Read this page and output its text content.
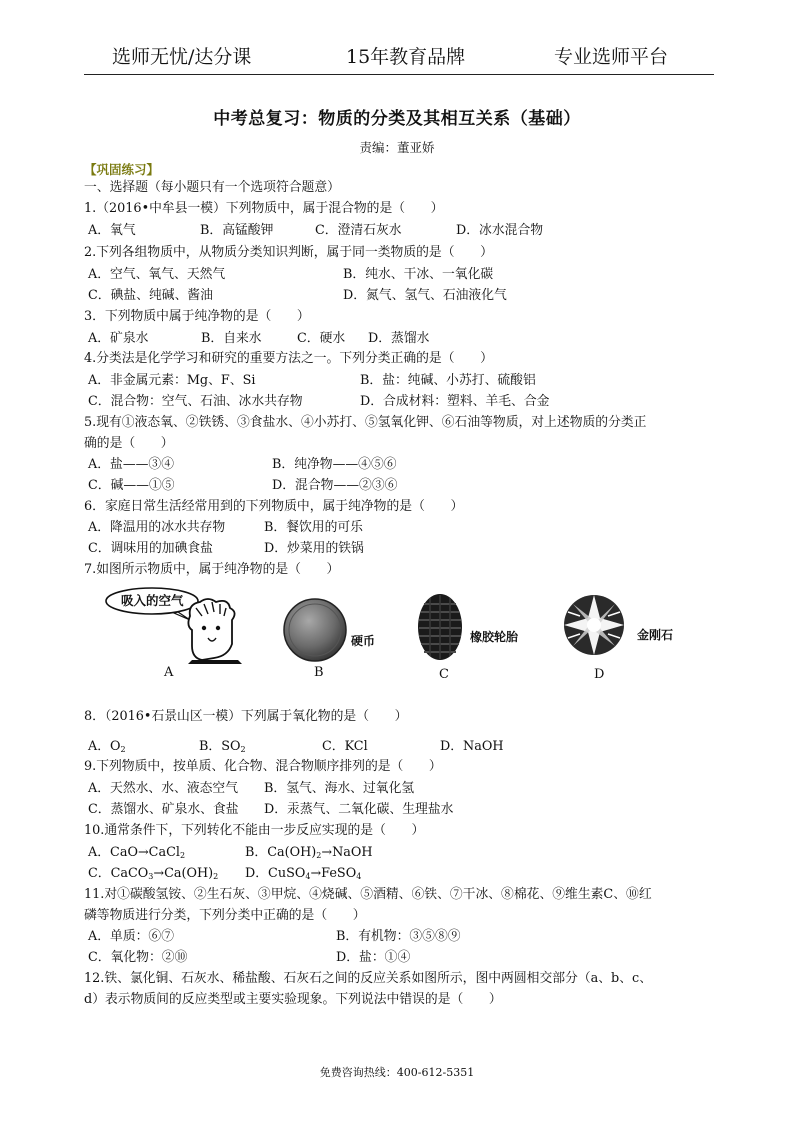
选师无忧/达分课	15年教育品牌	专业选师平台
中考总复习：物质的分类及其相互关系（基础）
责编：董亚娇
【巩固练习】
一、选择题（每小题只有一个选项符合题意）
1.（2016•中牟县一模）下列物质中，属于混合物的是（　　）
A．氧气	B．高锰酸钾	C．澄清石灰水	D．冰水混合物
2.下列各组物质中，从物质分类知识判断，属于同一类物质的是（　　）
A．空气、氧气、天然气	B．纯水、干冰、一氧化碳
C．碘盐、纯碱、酱油	D．氮气、氢气、石油液化气
3．下列物质中属于纯净物的是（　　）
A．矿泉水	B．自来水	C．硬水 D．蒸馏水
4.分类法是化学学习和研究的重要方法之一。下列分类正确的是（　　）
A．非金属元素：Mg、F、Si	B．盐：纯碱、小苏打、硫酸铝
C．混合物：空气、石油、冰水共存物	D．合成材料：塑料、羊毛、合金
5.现有①液态氧、②铁锈、③食盐水、④小苏打、⑤氢氧化钾、⑥石油等物质，对上述物质的分类正
确的是（　　）
A．盐——③④	B．纯净物——④⑤⑥
C．碱——①⑤	D．混合物——②③⑥
6．家庭日常生活经常用到的下列物质中，属于纯净物的是（　　）
A．降温用的冰水共存物	B．餐饮用的可乐
C．调味用的加碘食盐	D．炒菜用的铁锅
7.如图所示物质中，属于纯净物的是（　　）
吸入的空气
硬币	橡胶轮胎	金刚石
A	B	C	D
8．（2016•石景山区一模）下列属于氧化物的是（　　）
A．$O_2$	B．$SO_2$	C．KCl	D．NaOH
9.下列物质中，按单质、化合物、混合物顺序排列的是（　　）
A．天然水、水、液态空气 B．氢气、海水、过氧化氢
C．蒸馏水、矿泉水、食盐 D．汞蒸气、二氧化碳、生理盐水
10.通常条件下，下列转化不能由一步反应实现的是（　　）
A．CaO→CaCl$_2$	B．$Ca(OH)_2\to NaOH$
C．$CaCO_3\to Ca(OH)_2$ D．CuSO$_4$→FeSO$_4$
11.对①碳酸氢铵、②生石灰、③甲烷、④烧碱、⑤酒精、⑥铁、⑦干冰、⑧棉花、⑨维生素C、⑩红
磷等物质进行分类，下列分类中正确的是（　　）
A．单质：⑥⑦	B．有机物：③⑤⑧⑨
C．氧化物：②⑩	D．盐：①④
12.铁、氯化铜、石灰水、稀盐酸、石灰石之间的反应关系如图所示，图中两圆相交部分（a、b、c、
d）表示物质间的反应类型或主要实验现象。下列说法中错误的是（　　）
免费咨询热线：400-612-5351
